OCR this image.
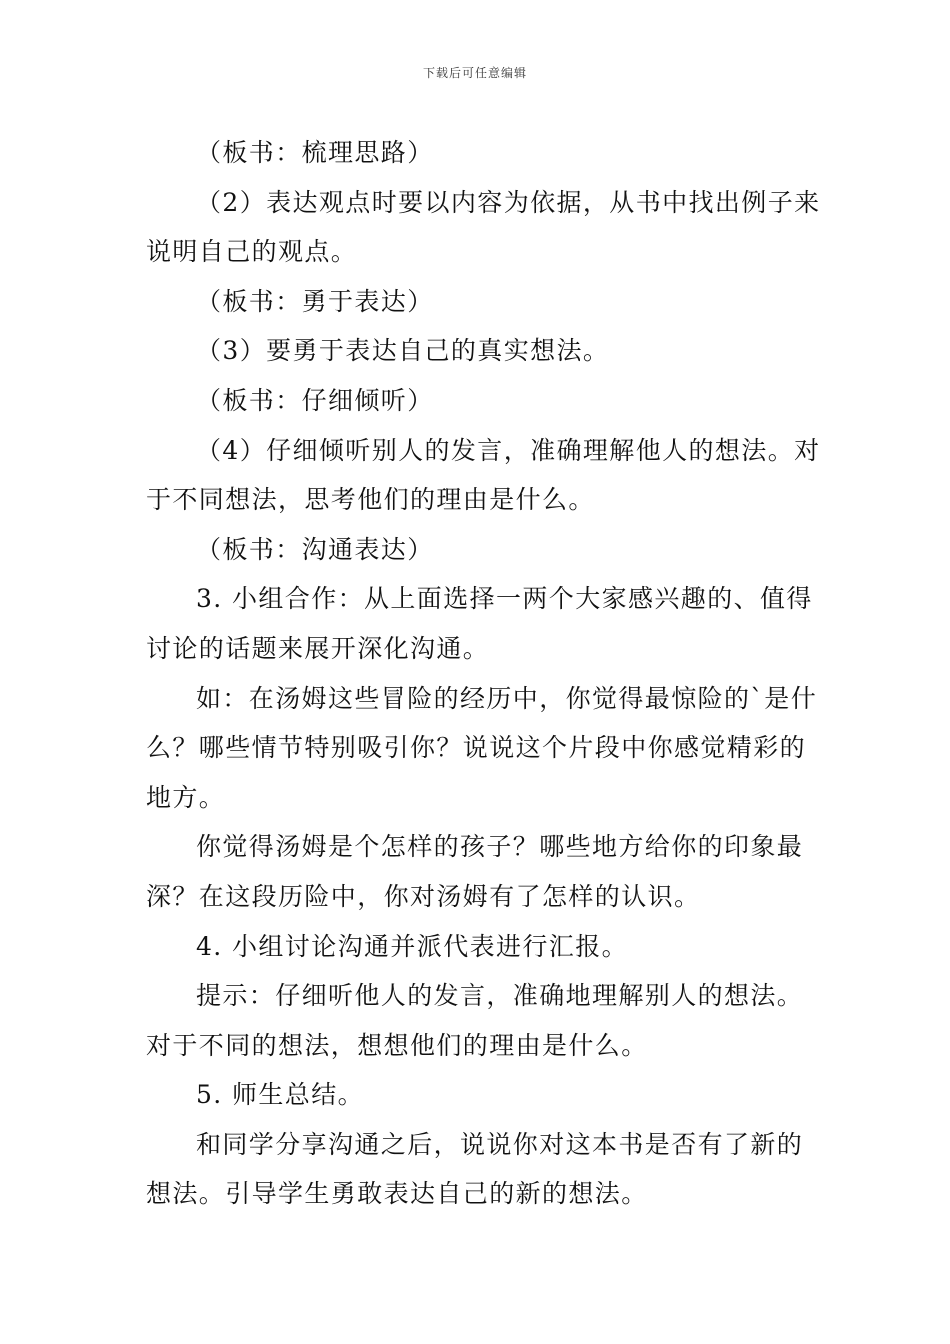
下载后可任意编辑

（板书：梳理思路）

（2）表达观点时要以内容为依据，从书中找出例子来
说明自己的观点。

（板书：勇于表达）

（3）要勇于表达自己的真实想法。

（板书：仔细倾听）

（4）仔细倾听别人的发言，准确理解他人的想法。对
于不同想法，思考他们的理由是什么。

（板书：沟通表达）

3. 小组合作：从上面选择一两个大家感兴趣的、值得
讨论的话题来展开深化沟通。

如：在汤姆这些冒险的经历中，你觉得最惊险的`是什
么？哪些情节特别吸引你？说说这个片段中你感觉精彩的
地方。

你觉得汤姆是个怎样的孩子？哪些地方给你的印象最
深？在这段历险中，你对汤姆有了怎样的认识。

4. 小组讨论沟通并派代表进行汇报。

提示：仔细听他人的发言，准确地理解别人的想法。
对于不同的想法，想想他们的理由是什么。

5. 师生总结。

和同学分享沟通之后，说说你对这本书是否有了新的
想法。引导学生勇敢表达自己的新的想法。
